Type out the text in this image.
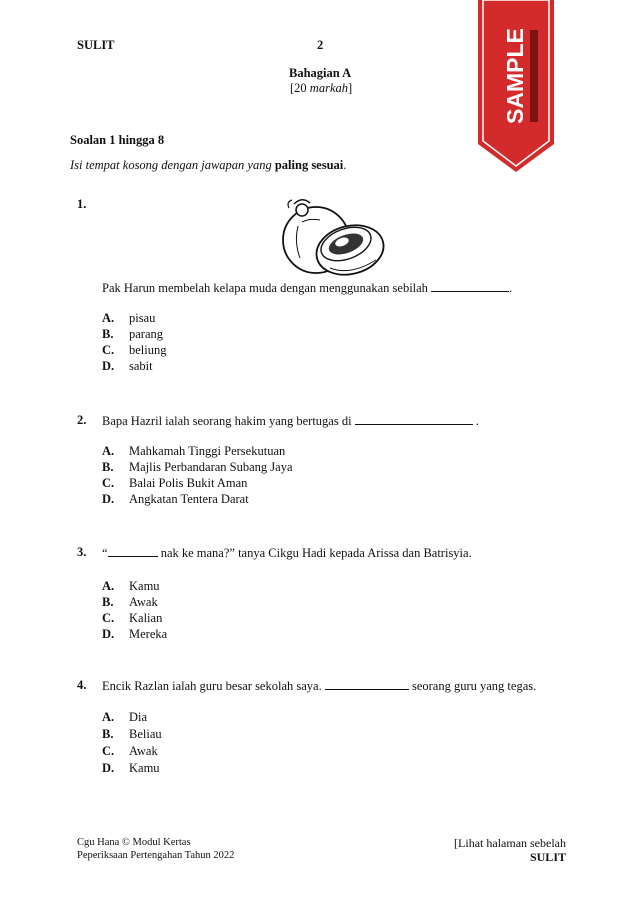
SULIT	2	SAMPLE
Bahagian A
[20 markah]
Soalan 1 hingga 8
Isi tempat kosong dengan jawapan yang paling sesuai.
1.
Pak Harun membelah kelapa muda dengan menggunakan sebilah	.
A. pisau
B. parang
C. beliung
D. sabit
2. Bapa Hazril ialah seorang hakim yang bertugas di	.
A. Mahkamah Tinggi Persekutuan
B. Majlis Perbandaran Subang Jaya
C. Balai Polis Bukit Aman
D. Angkatan Tentera Darat
3. “	nak ke mana?” tanya Cikgu Hadi kepada Arissa dan Batrisyia.
A. Kamu
B. Awak
C. Kalian
D. Mereka
4. Encik Razlan ialah guru besar sekolah saya.	seorang guru yang tegas.
A. Dia
B. Beliau
C. Awak
D. Kamu
Cgu Hana © Modul Kertas
Peperiksaan Pertengahan Tahun 2022
[Lihat halaman sebelah
SULIT
